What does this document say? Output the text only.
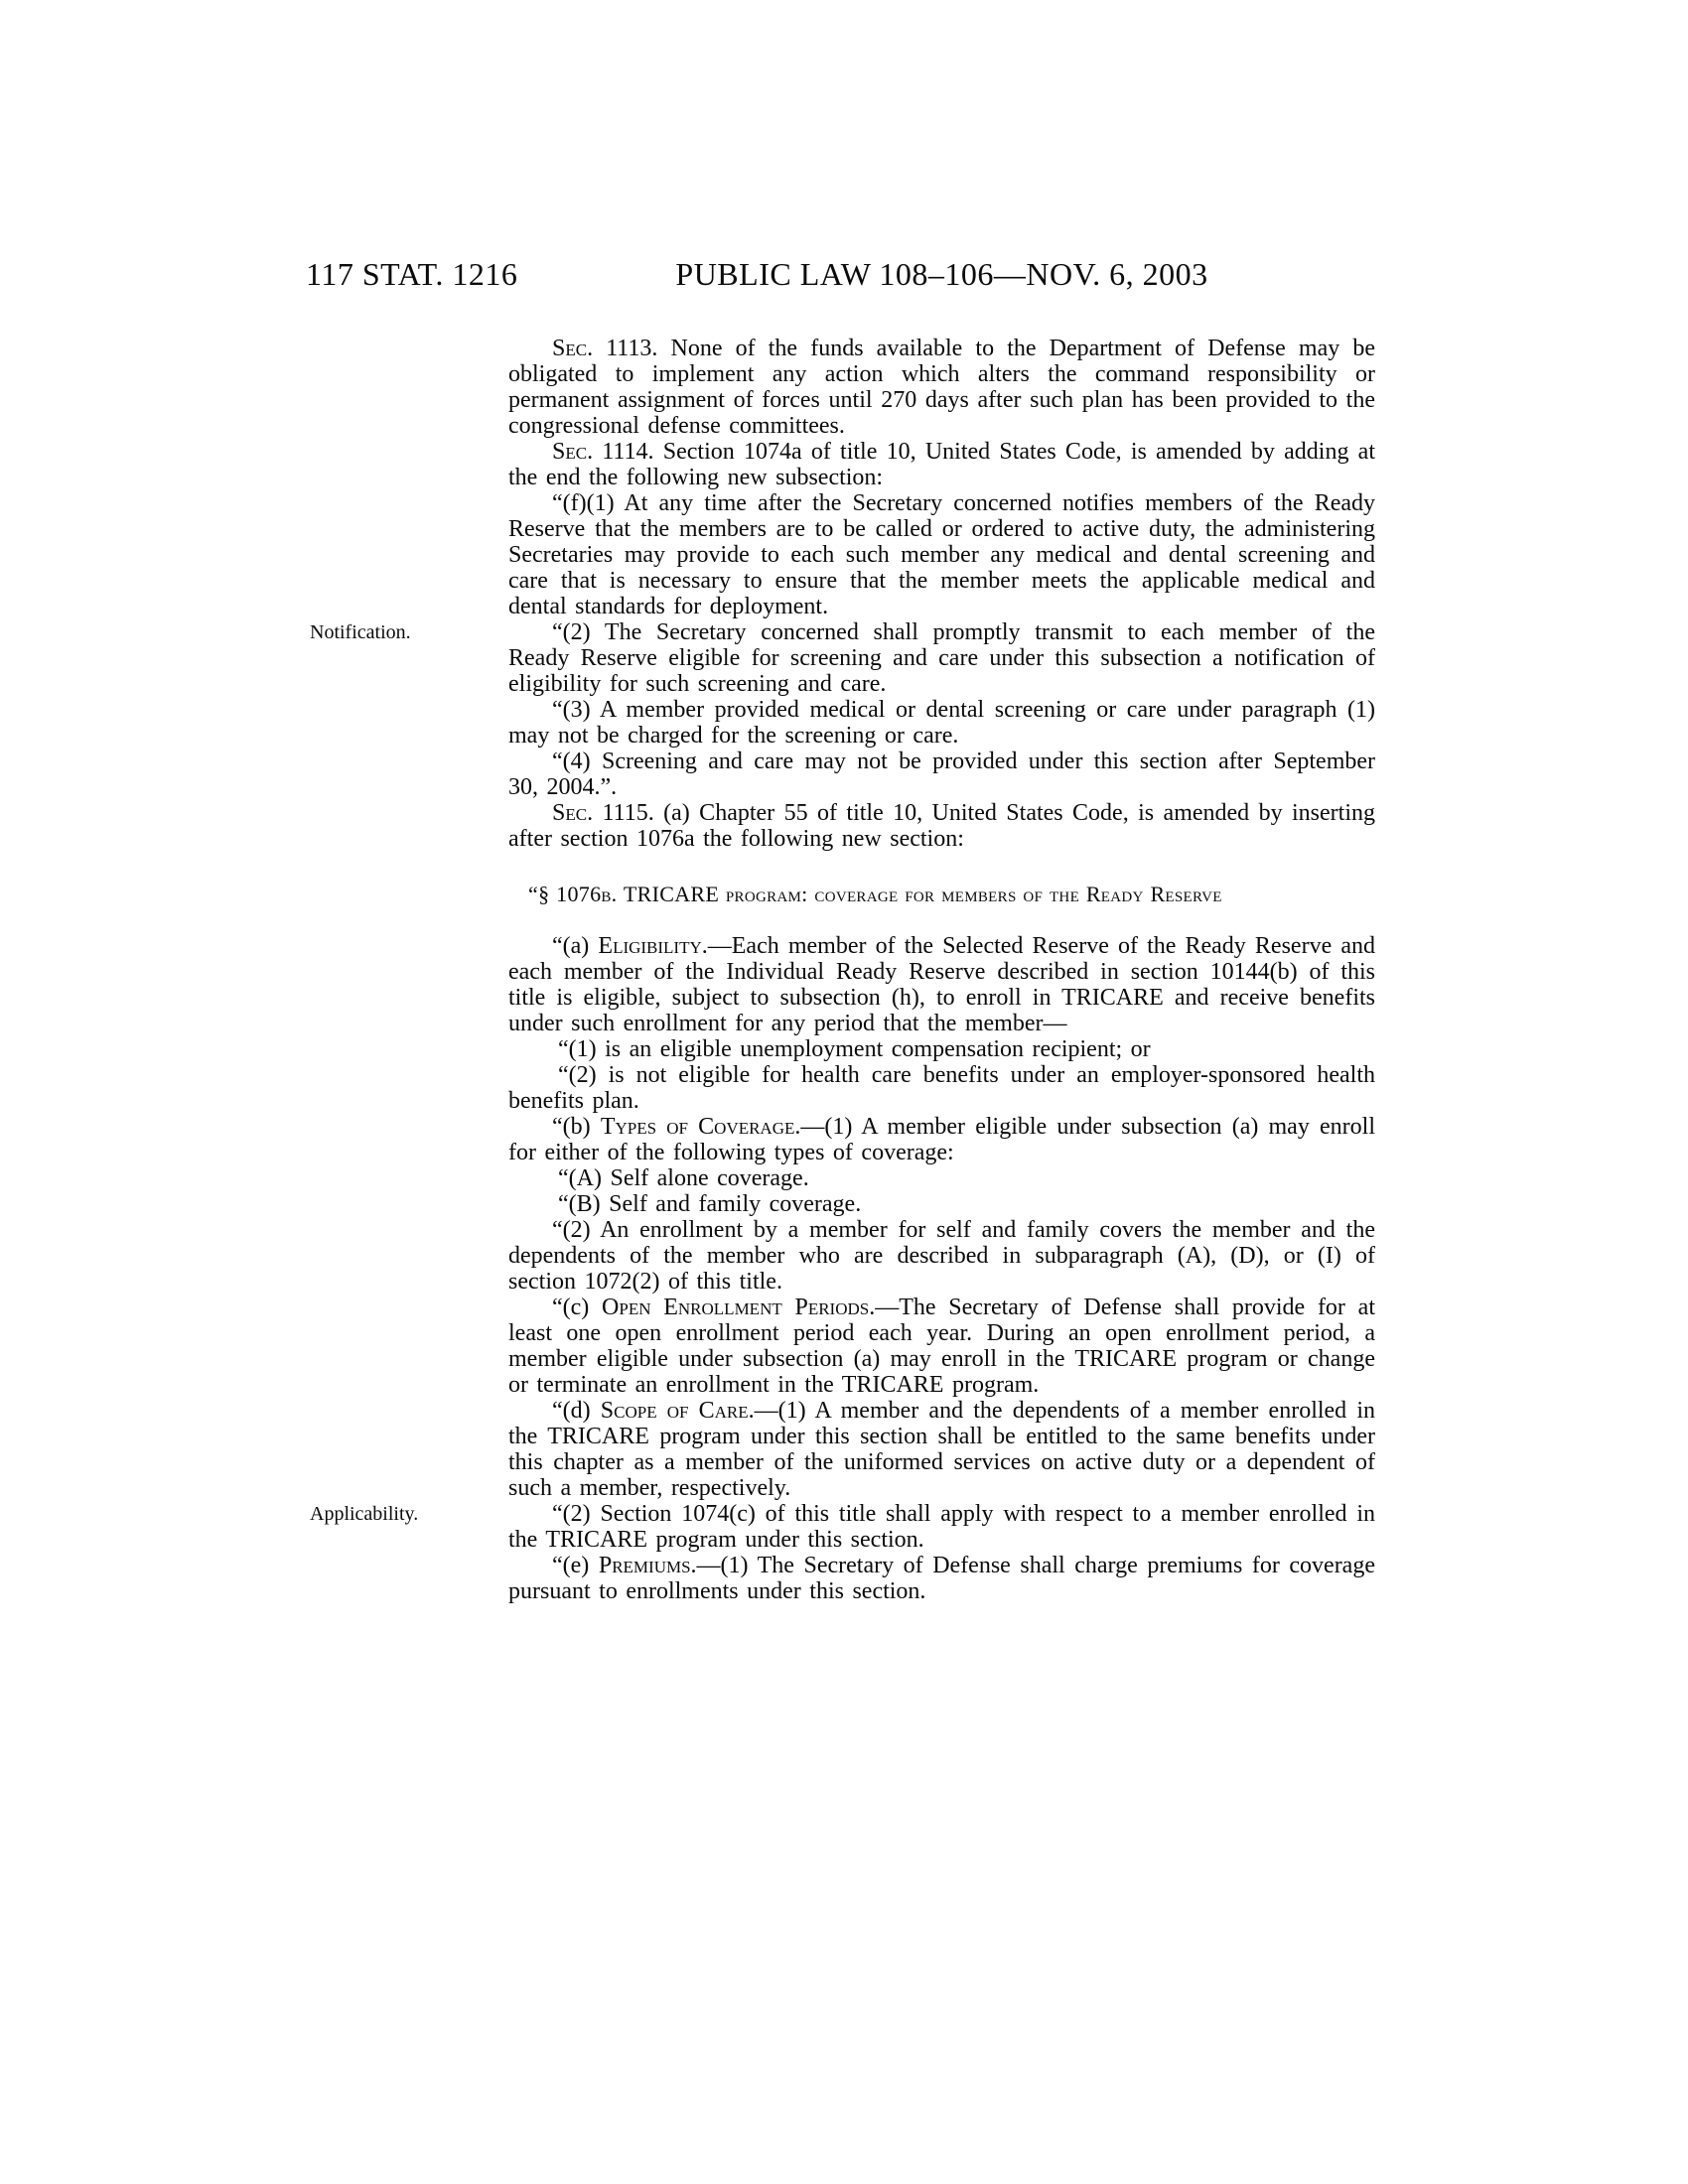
117 STAT. 1216	PUBLIC LAW 108–106—NOV. 6, 2003

Sec. 1113. None of the funds available to the Department of Defense may be obligated to implement any action which alters the command responsibility or permanent assignment of forces until 270 days after such plan has been provided to the congressional defense committees.

Sec. 1114. Section 1074a of title 10, United States Code, is amended by adding at the end the following new subsection:

“(f)(1) At any time after the Secretary concerned notifies members of the Ready Reserve that the members are to be called or ordered to active duty, the administering Secretaries may provide to each such member any medical and dental screening and care that is necessary to ensure that the member meets the applicable medical and dental standards for deployment.

Notification.	“(2) The Secretary concerned shall promptly transmit to each member of the Ready Reserve eligible for screening and care under this subsection a notification of eligibility for such screening and care.

“(3) A member provided medical or dental screening or care under paragraph (1) may not be charged for the screening or care.

“(4) Screening and care may not be provided under this section after September 30, 2004.”.

Sec. 1115. (a) Chapter 55 of title 10, United States Code, is amended by inserting after section 1076a the following new section:

“§ 1076b. TRICARE program: coverage for members of the Ready Reserve

“(a) Eligibility.—Each member of the Selected Reserve of the Ready Reserve and each member of the Individual Ready Reserve described in section 10144(b) of this title is eligible, subject to subsection (h), to enroll in TRICARE and receive benefits under such enrollment for any period that the member—

“(1) is an eligible unemployment compensation recipient; or

“(2) is not eligible for health care benefits under an employer-sponsored health benefits plan.

“(b) Types of Coverage.—(1) A member eligible under subsection (a) may enroll for either of the following types of coverage:

“(A) Self alone coverage.

“(B) Self and family coverage.

“(2) An enrollment by a member for self and family covers the member and the dependents of the member who are described in subparagraph (A), (D), or (I) of section 1072(2) of this title.

“(c) Open Enrollment Periods.—The Secretary of Defense shall provide for at least one open enrollment period each year. During an open enrollment period, a member eligible under subsection (a) may enroll in the TRICARE program or change or terminate an enrollment in the TRICARE program.

“(d) Scope of Care.—(1) A member and the dependents of a member enrolled in the TRICARE program under this section shall be entitled to the same benefits under this chapter as a member of the uniformed services on active duty or a dependent of such a member, respectively.

Applicability.	“(2) Section 1074(c) of this title shall apply with respect to a member enrolled in the TRICARE program under this section.

“(e) Premiums.—(1) The Secretary of Defense shall charge premiums for coverage pursuant to enrollments under this section.
